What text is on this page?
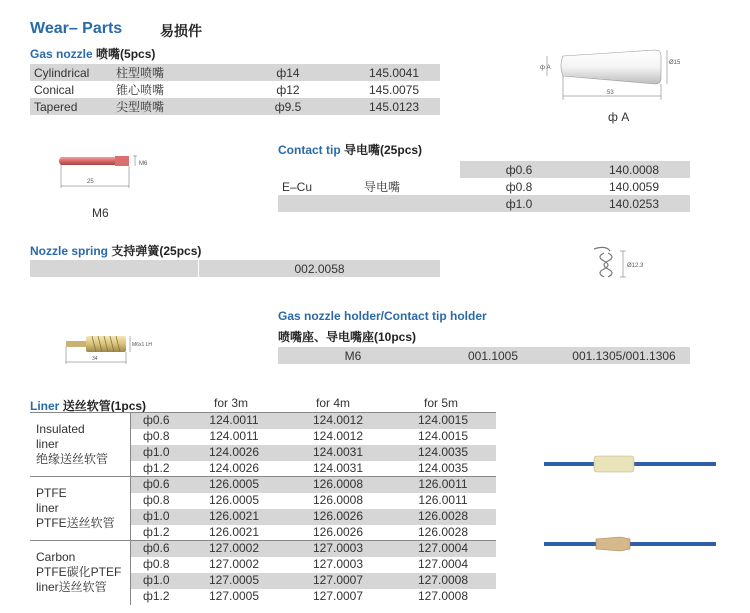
Wear– Parts	易损件
Gas nozzle 喷嘴(5pcs)
Cylindrical	柱型喷嘴	ф14	145.0041
Conical	锥心喷嘴	ф12	145.0075
Tapered	尖型喷嘴	ф9.5	145.0123
ф A
Ø15
53
ф A
M6
25
M6
Contact tip 导电嘴(25pcs)
		ф0.6	140.0008
E–Cu	导电嘴	ф0.8	140.0059
		ф1.0	140.0253
Nozzle spring 支持弹簧(25pcs)
	002.0058	Ø12.3
Gas nozzle holder/Contact tip holder
喷嘴座、导电嘴座(10pcs)
M6	001.1005	001.1305/001.1306
M6x1 LH
34
Liner 送丝软管(1pcs)	for 3m	for 4m	for 5m
Insulated
liner
绝缘送丝软管	ф0.6	124.0011	124.0012	124.0015
	ф0.8	124.0011	124.0012	124.0015
	ф1.0	124.0026	124.0031	124.0035
	ф1.2	124.0026	124.0031	124.0035

PTFE
liner
PTFE送丝软管	ф0.6	126.0005	126.0008	126.0011
	ф0.8	126.0005	126.0008	126.0011
	ф1.0	126.0021	126.0026	126.0028
	ф1.2	126.0021	126.0026	126.0028

Carbon
PTFE碳化PTEF
liner送丝软管	ф0.6	127.0002	127.0003	127.0004
	ф0.8	127.0002	127.0003	127.0004
	ф1.0	127.0005	127.0007	127.0008
	ф1.2	127.0005	127.0007	127.0008
